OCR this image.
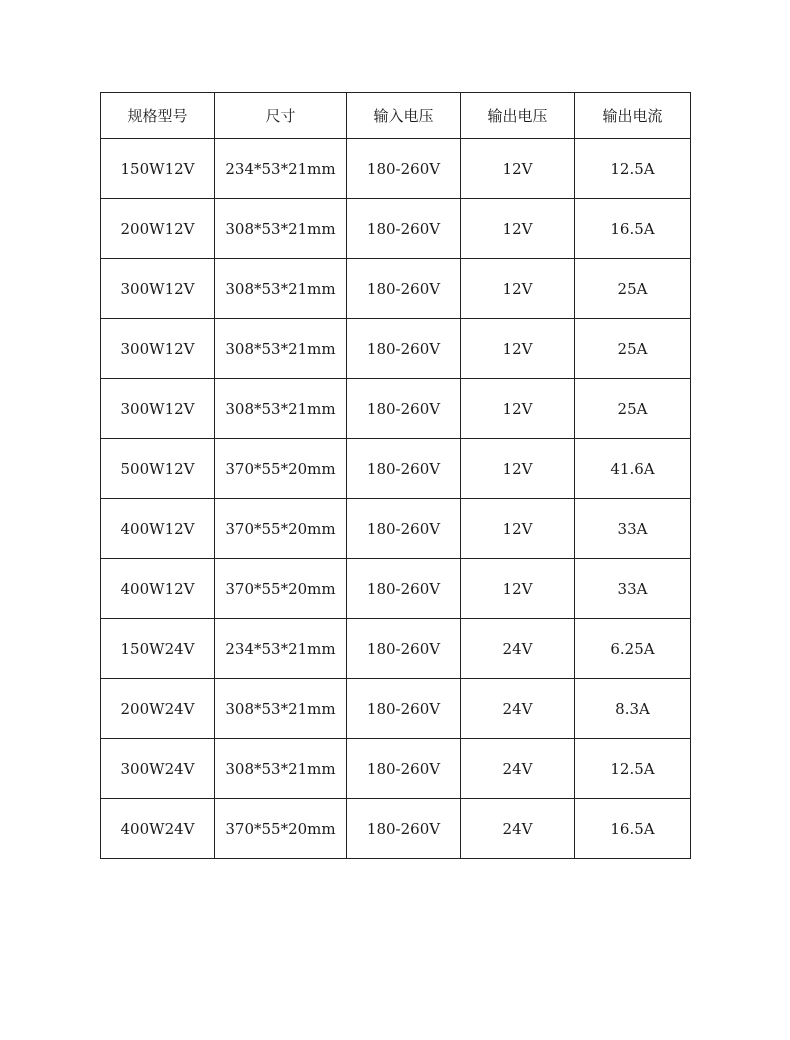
规格型号	尺寸	输入电压	输出电压	输出电流
150W12V	234*53*21mm	180-260V	12V	12.5A
200W12V	308*53*21mm	180-260V	12V	16.5A
300W12V	308*53*21mm	180-260V	12V	25A
300W12V	308*53*21mm	180-260V	12V	25A
300W12V	308*53*21mm	180-260V	12V	25A
500W12V	370*55*20mm	180-260V	12V	41.6A
400W12V	370*55*20mm	180-260V	12V	33A
400W12V	370*55*20mm	180-260V	12V	33A
150W24V	234*53*21mm	180-260V	24V	6.25A
200W24V	308*53*21mm	180-260V	24V	8.3A
300W24V	308*53*21mm	180-260V	24V	12.5A
400W24V	370*55*20mm	180-260V	24V	16.5A
